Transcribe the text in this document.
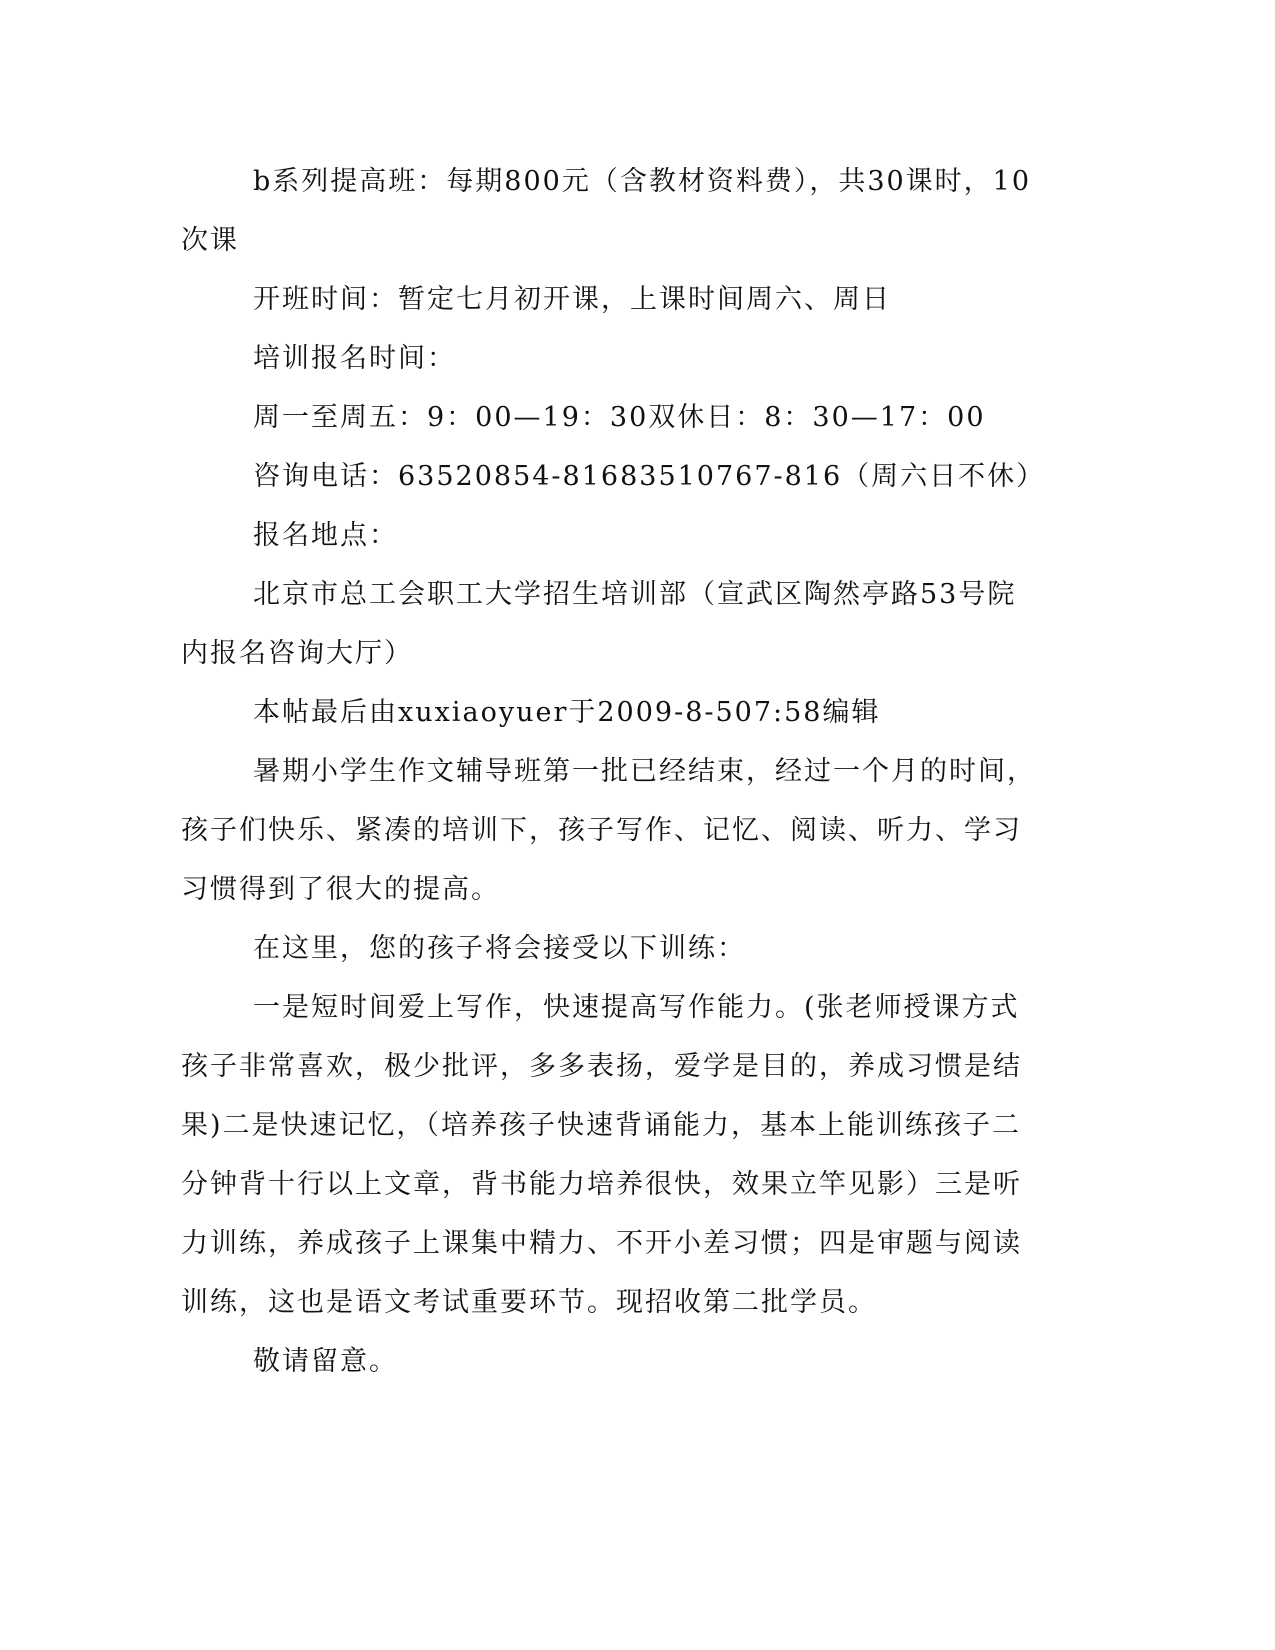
b系列提高班：每期800元（含教材资料费），共30课时，10次课

开班时间：暂定七月初开课，上课时间周六、周日

培训报名时间：

周一至周五：9：00—19：30双休日：8：30—17：00

咨询电话：63520854-81683510767-816（周六日不休）

报名地点：

北京市总工会职工大学招生培训部（宣武区陶然亭路53号院内报名咨询大厅）

本帖最后由xuxiaoyuer于2009-8-507:58编辑

暑期小学生作文辅导班第一批已经结束，经过一个月的时间，孩子们快乐、紧凑的培训下，孩子写作、记忆、阅读、听力、学习习惯得到了很大的提高。

在这里，您的孩子将会接受以下训练：

一是短时间爱上写作，快速提高写作能力。(张老师授课方式孩子非常喜欢，极少批评，多多表扬，爱学是目的，养成习惯是结果)二是快速记忆，（培养孩子快速背诵能力，基本上能训练孩子二分钟背十行以上文章，背书能力培养很快，效果立竿见影）三是听力训练，养成孩子上课集中精力、不开小差习惯；四是审题与阅读训练，这也是语文考试重要环节。现招收第二批学员。

敬请留意。
